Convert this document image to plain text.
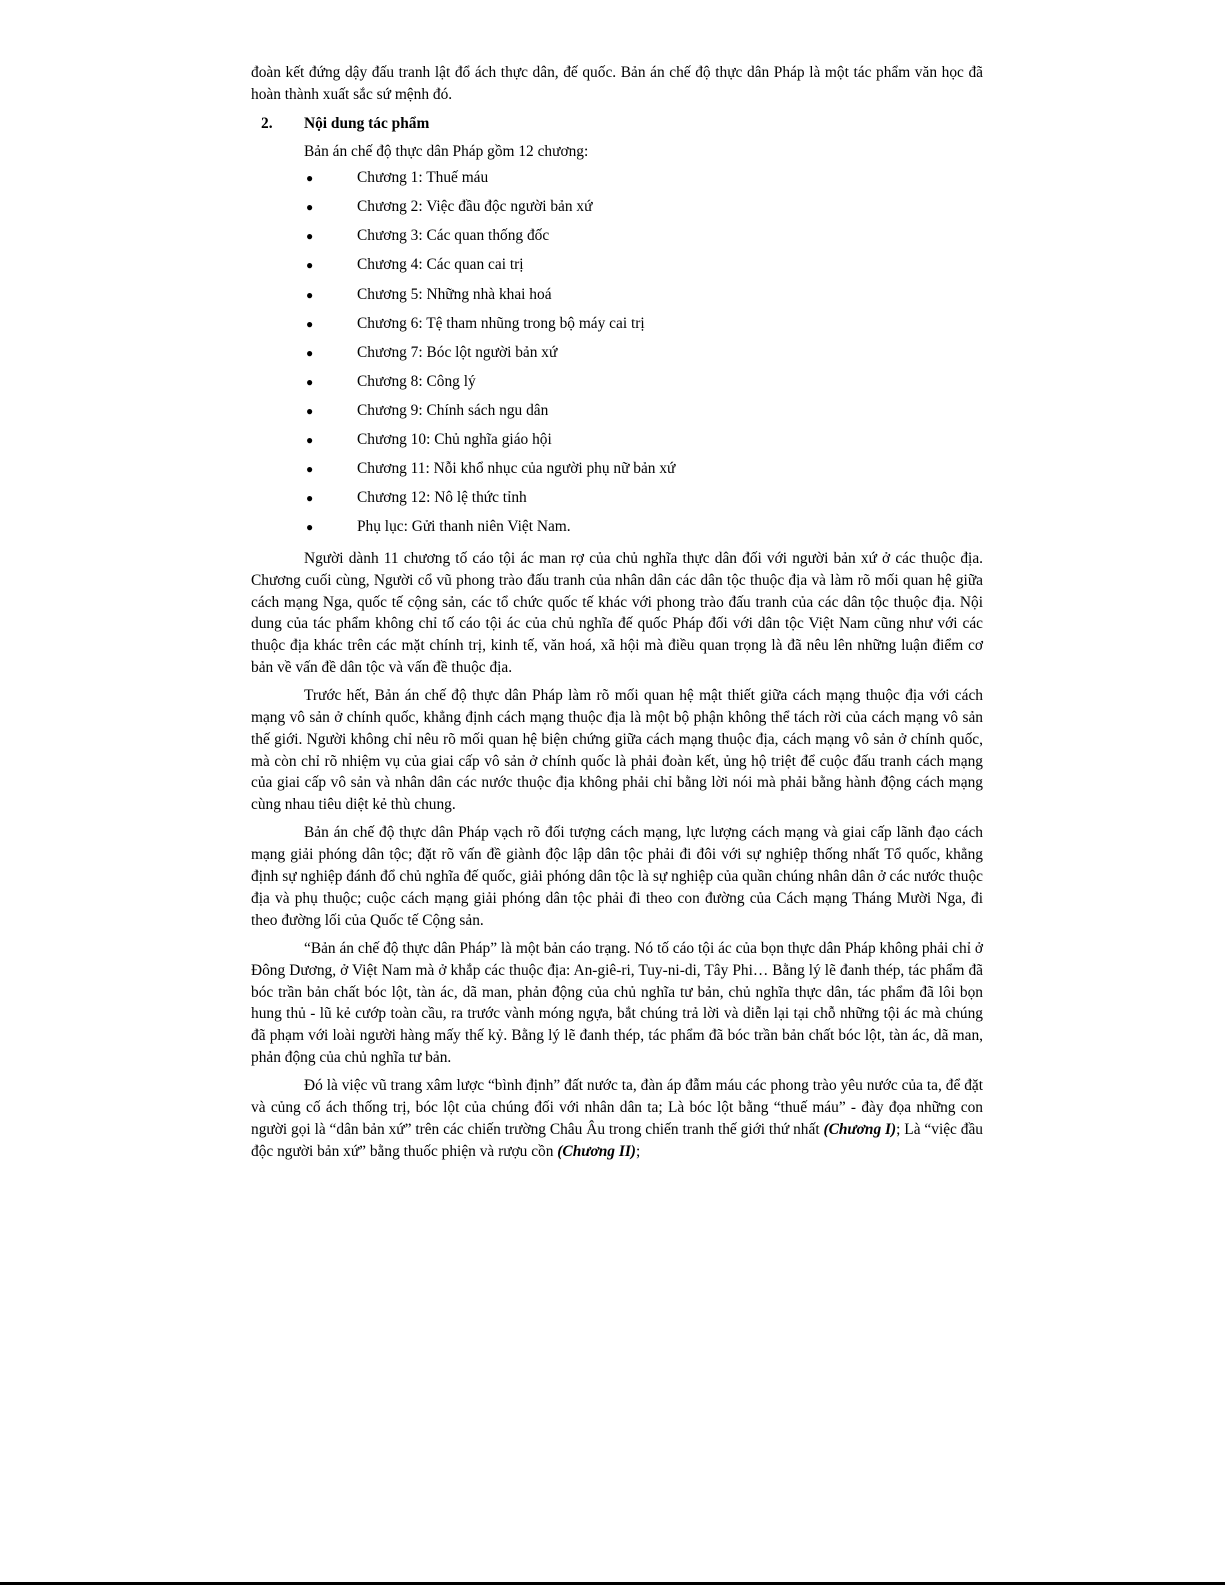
đoàn kết đứng dậy đấu tranh lật đổ ách thực dân, đế quốc. Bản án chế độ thực dân Pháp là một tác phẩm văn học đã hoàn thành xuất sắc sứ mệnh đó.

2.	Nội dung tác phẩm

Bản án chế độ thực dân Pháp gồm 12 chương:

●	Chương 1: Thuế máu
●	Chương 2: Việc đầu độc người bản xứ
●	Chương 3: Các quan thống đốc
●	Chương 4: Các quan cai trị
●	Chương 5: Những nhà khai hoá
●	Chương 6: Tệ tham nhũng trong bộ máy cai trị
●	Chương 7: Bóc lột người bản xứ
●	Chương 8: Công lý
●	Chương 9: Chính sách ngu dân
●	Chương 10: Chủ nghĩa giáo hội
●	Chương 11: Nỗi khổ nhục của người phụ nữ bản xứ
●	Chương 12: Nô lệ thức tỉnh
●	Phụ lục: Gửi thanh niên Việt Nam.

Người dành 11 chương tố cáo tội ác man rợ của chủ nghĩa thực dân đối với người bản xứ ở các thuộc địa. Chương cuối cùng, Người cổ vũ phong trào đấu tranh của nhân dân các dân tộc thuộc địa và làm rõ mối quan hệ giữa cách mạng Nga, quốc tế cộng sản, các tổ chức quốc tế khác với phong trào đấu tranh của các dân tộc thuộc địa. Nội dung của tác phẩm không chỉ tố cáo tội ác của chủ nghĩa đế quốc Pháp đối với dân tộc Việt Nam cũng như với các thuộc địa khác trên các mặt chính trị, kinh tế, văn hoá, xã hội mà điều quan trọng là đã nêu lên những luận điểm cơ bản về vấn đề dân tộc và vấn đề thuộc địa.

Trước hết, Bản án chế độ thực dân Pháp làm rõ mối quan hệ mật thiết giữa cách mạng thuộc địa với cách mạng vô sản ở chính quốc, khẳng định cách mạng thuộc địa là một bộ phận không thể tách rời của cách mạng vô sản thế giới. Người không chỉ nêu rõ mối quan hệ biện chứng giữa cách mạng thuộc địa, cách mạng vô sản ở chính quốc, mà còn chỉ rõ nhiệm vụ của giai cấp vô sản ở chính quốc là phải đoàn kết, ủng hộ triệt để cuộc đấu tranh cách mạng của giai cấp vô sản và nhân dân các nước thuộc địa không phải chỉ bằng lời nói mà phải bằng hành động cách mạng cùng nhau tiêu diệt kẻ thù chung.

Bản án chế độ thực dân Pháp vạch rõ đối tượng cách mạng, lực lượng cách mạng và giai cấp lãnh đạo cách mạng giải phóng dân tộc; đặt rõ vấn đề giành độc lập dân tộc phải đi đôi với sự nghiệp thống nhất Tổ quốc, khẳng định sự nghiệp đánh đổ chủ nghĩa đế quốc, giải phóng dân tộc là sự nghiệp của quần chúng nhân dân ở các nước thuộc địa và phụ thuộc; cuộc cách mạng giải phóng dân tộc phải đi theo con đường của Cách mạng Tháng Mười Nga, đi theo đường lối của Quốc tế Cộng sản.

“Bản án chế độ thực dân Pháp” là một bản cáo trạng. Nó tố cáo tội ác của bọn thực dân Pháp không phải chỉ ở Đông Dương, ở Việt Nam mà ở khắp các thuộc địa: An-giê-ri, Tuy-ni-di, Tây Phi… Bằng lý lẽ đanh thép, tác phẩm đã bóc trần bản chất bóc lột, tàn ác, dã man, phản động của chủ nghĩa tư bản, chủ nghĩa thực dân, tác phẩm đã lôi bọn hung thủ - lũ kẻ cướp toàn cầu, ra trước vành móng ngựa, bắt chúng trả lời và diễn lại tại chỗ những tội ác mà chúng đã phạm với loài người hàng mấy thế kỷ. Bằng lý lẽ đanh thép, tác phẩm đã bóc trần bản chất bóc lột, tàn ác, dã man, phản động của chủ nghĩa tư bản.

Đó là việc vũ trang xâm lược “bình định” đất nước ta, đàn áp đẫm máu các phong trào yêu nước của ta, để đặt và củng cố ách thống trị, bóc lột của chúng đối với nhân dân ta; Là bóc lột bằng “thuế máu” - đày đọa những con người gọi là “dân bản xứ” trên các chiến trường Châu Âu trong chiến tranh thế giới thứ nhất (Chương I); Là “việc đầu độc người bản xứ” bằng thuốc phiện và rượu cồn (Chương II);
